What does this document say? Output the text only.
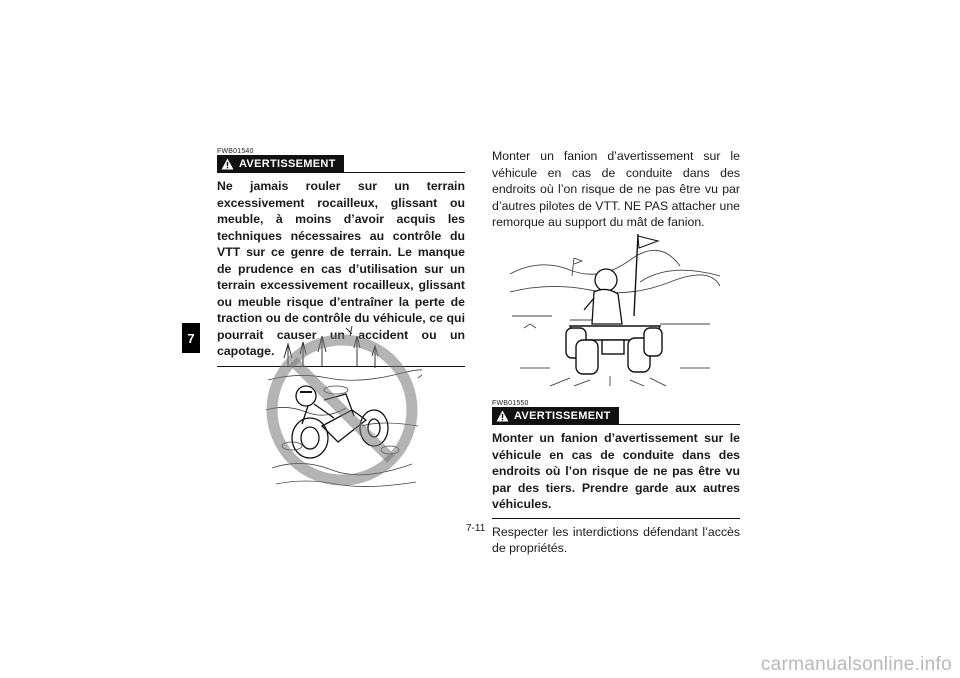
7
FWB01540
AVERTISSEMENT

Ne jamais rouler sur un terrain excessivement rocailleux, glissant ou meuble, à moins d’avoir acquis les techniques nécessaires au contrôle du VTT sur ce genre de terrain. Le manque de prudence en cas d’utilisation sur un terrain excessivement rocailleux, glissant ou meuble risque d’entraîner la perte de traction ou de contrôle du véhicule, ce qui pourrait causer un accident ou un capotage.

Monter un fanion d’avertissement sur le véhicule en cas de conduite dans des endroits où l’on risque de ne pas être vu par d’autres pilotes de VTT. NE PAS attacher une remorque au support du mât de fanion.

FWB01550
AVERTISSEMENT

Monter un fanion d’avertissement sur le véhicule en cas de conduite dans des endroits où l’on risque de ne pas être vu par des tiers. Prendre garde aux autres véhicules.

Respecter les interdictions défendant l’accès de propriétés.

7-11
carmanualsonline.info
